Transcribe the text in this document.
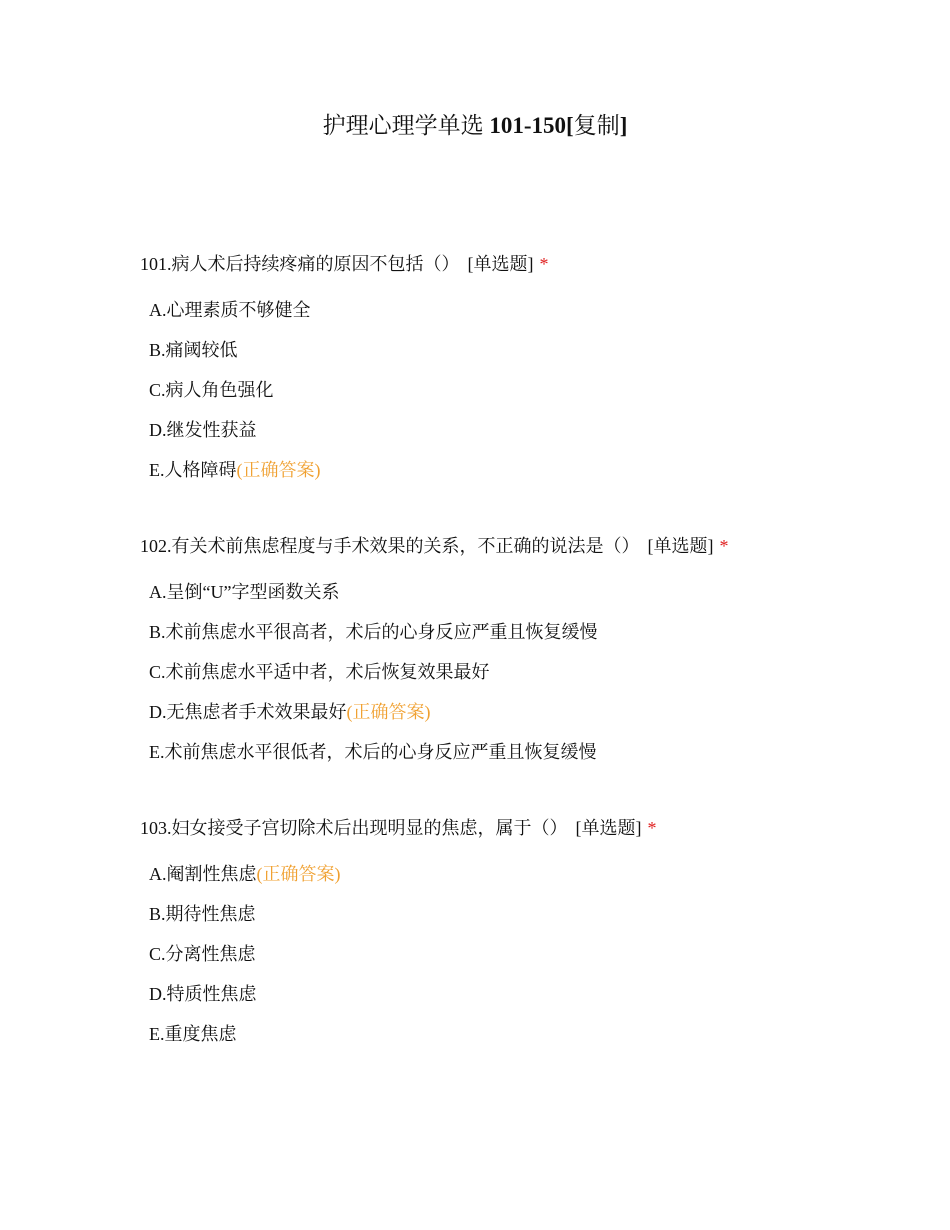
护理心理学单选 101-150[复制]
101.病人术后持续疼痛的原因不包括（） [单选题] *
A.心理素质不够健全
B.痛阈较低
C.病人角色强化
D.继发性获益
E.人格障碍(正确答案)
102.有关术前焦虑程度与手术效果的关系，不正确的说法是（） [单选题] *
A.呈倒“U”字型函数关系
B.术前焦虑水平很高者，术后的心身反应严重且恢复缓慢
C.术前焦虑水平适中者，术后恢复效果最好
D.无焦虑者手术效果最好(正确答案)
E.术前焦虑水平很低者，术后的心身反应严重且恢复缓慢
103.妇女接受子宫切除术后出现明显的焦虑，属于（） [单选题] *
A.阉割性焦虑(正确答案)
B.期待性焦虑
C.分离性焦虑
D.特质性焦虑
E.重度焦虑
